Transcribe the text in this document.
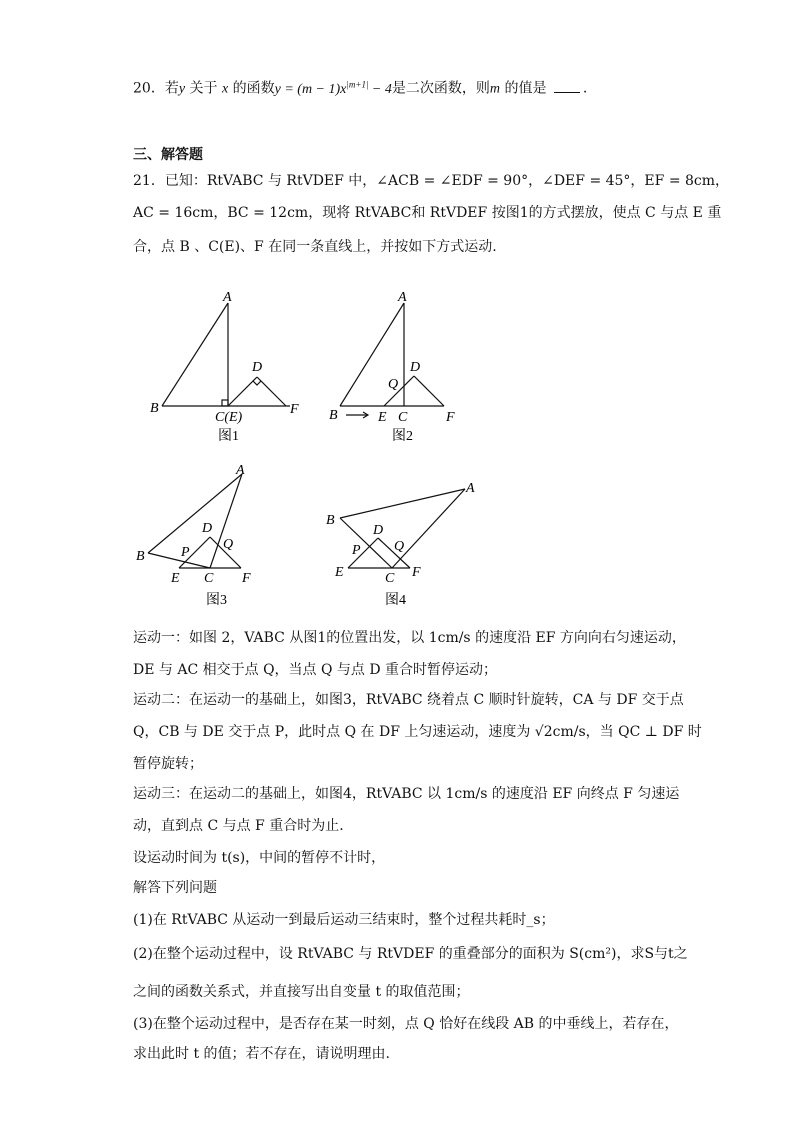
20．若y 关于 x 的函数$y = (m - 1)x^{|m+1|} - 4$是二次函数，则m 的值是 .
三、解答题
21．已知：RtVABC 与 RtVDEF 中，∠ACB = ∠EDF = 90°，∠DEF = 45°，EF = 8cm，
AC = 16cm，BC = 12cm，现将 RtVABC和 RtVDEF 按图1的方式摆放，使点 C 与点 E 重
合，点 B 、C(E)、F 在同一条直线上，并按如下方式运动.
A
B
C(E)
D
F
图1
A
B	E C
D
Q
F
图2
A
B	P
D
Q
E C F
图3
A
B
P
D
Q
E	C F
图4
运动一：如图 2，VABC 从图1的位置出发，以 1cm/s 的速度沿 EF 方向向右匀速运动，
DE 与 AC 相交于点 Q，当点 Q 与点 D 重合时暂停运动；
运动二：在运动一的基础上，如图3，RtVABC 绕着点 C 顺时针旋转，CA 与 DF 交于点
Q，CB 与 DE 交于点 P，此时点 Q 在 DF 上匀速运动，速度为 √2cm/s，当 QC ⊥ DF 时
暂停旋转；
运动三：在运动二的基础上，如图4，RtVABC 以 1cm/s 的速度沿 EF 向终点 F 匀速运
动，直到点 C 与点 F 重合时为止.
设运动时间为 t(s)，中间的暂停不计时，
解答下列问题
(1)在 RtVABC 从运动一到最后运动三结束时，整个过程共耗时_s；
(2)在整个运动过程中，设 RtVABC 与 RtVDEF 的重叠部分的面积为 S(cm²)，求S与t之
之间的函数关系式，并直接写出自变量 t 的取值范围；
(3)在整个运动过程中，是否存在某一时刻，点 Q 恰好在线段 AB 的中垂线上，若存在，
求出此时 t 的值；若不存在，请说明理由.
